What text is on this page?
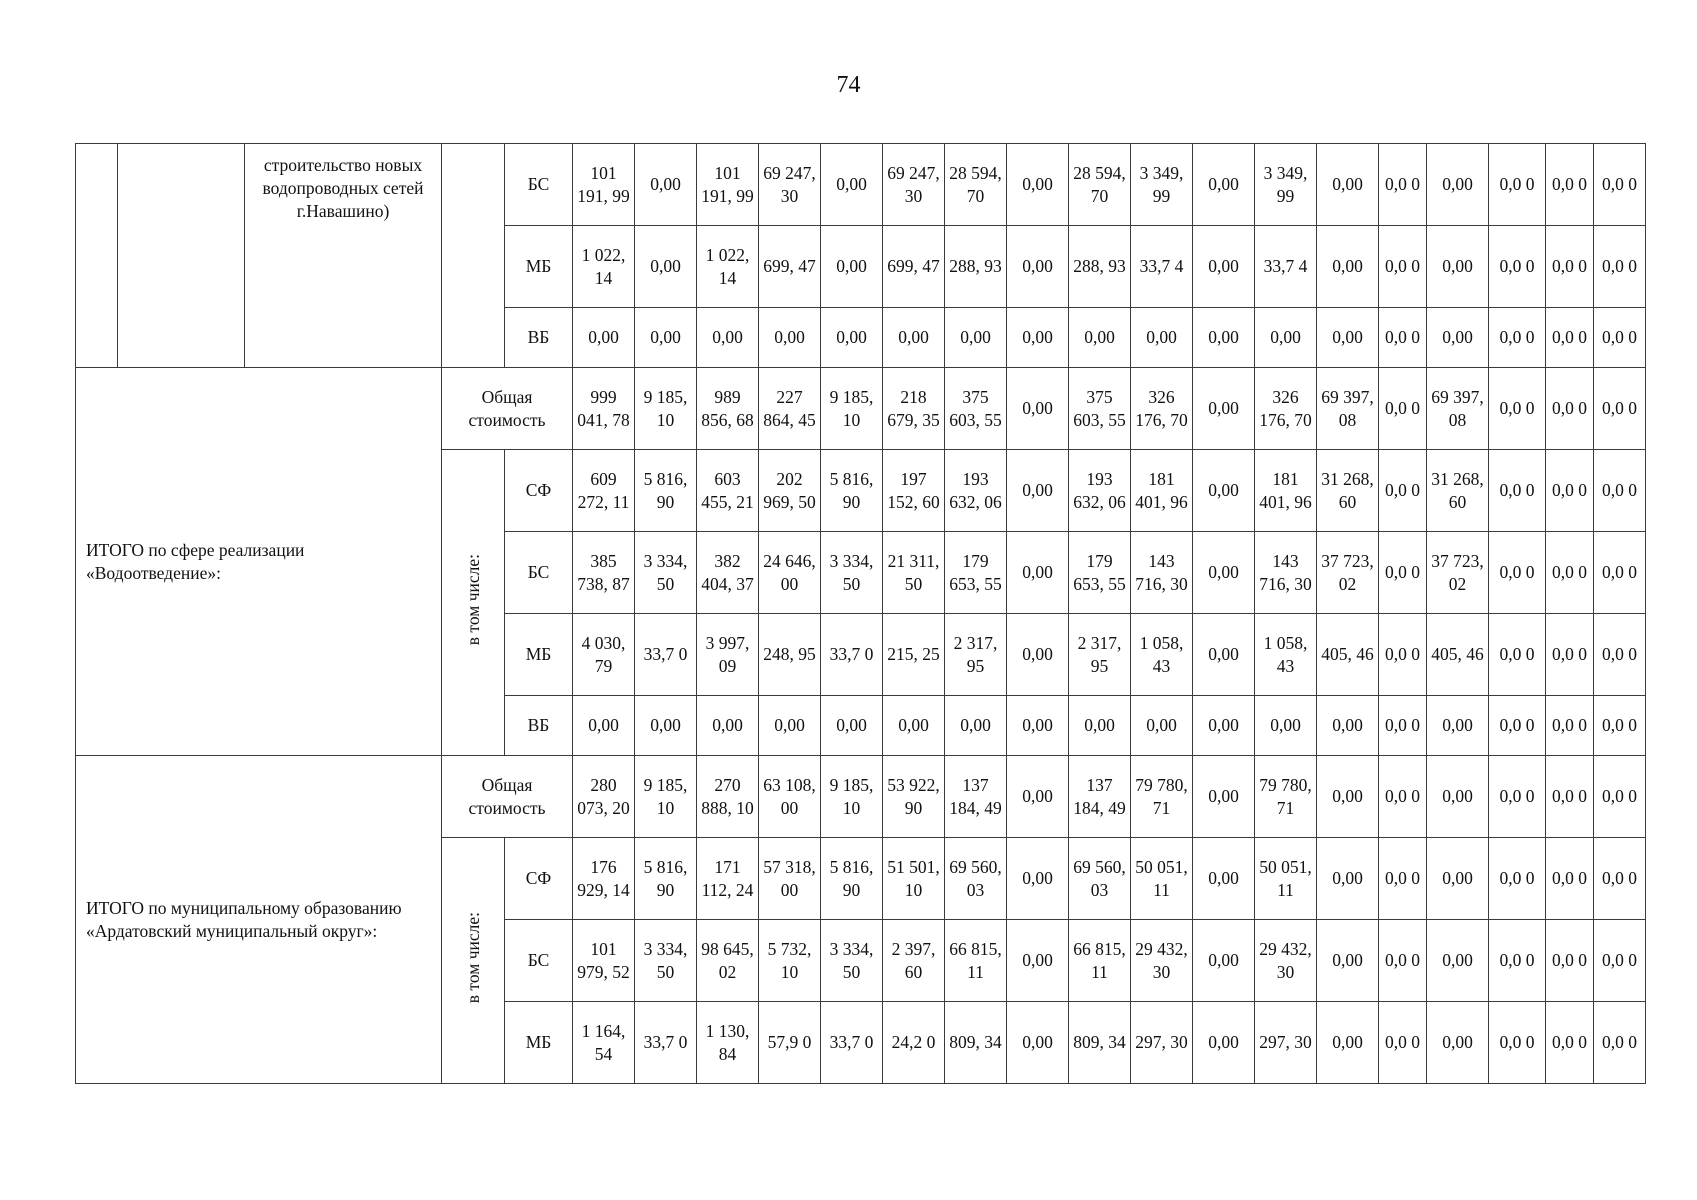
74
		строительство новых водопроводных сетей г.Навашино)		БС	101 191, 99	0,00	101 191, 99	69 247, 30	0,00	69 247, 30	28 594, 70	0,00	28 594, 70	3 349, 99	0,00	3 349, 99	0,00	0,0 0	0,00	0,0 0	0,0 0	0,0 0
				МБ	1 022, 14	0,00	1 022, 14	699, 47	0,00	699, 47	288, 93	0,00	288, 93	33,7 4	0,00	33,7 4	0,00	0,0 0	0,00	0,0 0	0,0 0	0,0 0
				ВБ	0,00	0,00	0,00	0,00	0,00	0,00	0,00	0,00	0,00	0,00	0,00	0,00	0,00	0,0 0	0,00	0,0 0	0,0 0	0,0 0
ИТОГО по сфере реализации «Водоотведение»:			Общая стоимость		999 041, 78	9 185, 10	989 856, 68	227 864, 45	9 185, 10	218 679, 35	375 603, 55	0,00	375 603, 55	326 176, 70	0,00	326 176, 70	69 397, 08	0,0 0	69 397, 08	0,0 0	0,0 0	0,0 0
			в том числе:	СФ	609 272, 11	5 816, 90	603 455, 21	202 969, 50	5 816, 90	197 152, 60	193 632, 06	0,00	193 632, 06	181 401, 96	0,00	181 401, 96	31 268, 60	0,0 0	31 268, 60	0,0 0	0,0 0	0,0 0
				БС	385 738, 87	3 334, 50	382 404, 37	24 646, 00	3 334, 50	21 311, 50	179 653, 55	0,00	179 653, 55	143 716, 30	0,00	143 716, 30	37 723, 02	0,0 0	37 723, 02	0,0 0	0,0 0	0,0 0
				МБ	4 030, 79	33,7 0	3 997, 09	248, 95	33,7 0	215, 25	2 317, 95	0,00	2 317, 95	1 058, 43	0,00	1 058, 43	405, 46	0,0 0	405, 46	0,0 0	0,0 0	0,0 0
				ВБ	0,00	0,00	0,00	0,00	0,00	0,00	0,00	0,00	0,00	0,00	0,00	0,00	0,00	0,0 0	0,00	0,0 0	0,0 0	0,0 0
ИТОГО по муниципальному образованию «Ардатовский муниципальный округ»:			Общая стоимость		280 073, 20	9 185, 10	270 888, 10	63 108, 00	9 185, 10	53 922, 90	137 184, 49	0,00	137 184, 49	79 780, 71	0,00	79 780, 71	0,00	0,0 0	0,00	0,0 0	0,0 0	0,0 0
			в том числе:	СФ	176 929, 14	5 816, 90	171 112, 24	57 318, 00	5 816, 90	51 501, 10	69 560, 03	0,00	69 560, 03	50 051, 11	0,00	50 051, 11	0,00	0,0 0	0,00	0,0 0	0,0 0	0,0 0
				БС	101 979, 52	3 334, 50	98 645, 02	5 732, 10	3 334, 50	2 397, 60	66 815, 11	0,00	66 815, 11	29 432, 30	0,00	29 432, 30	0,00	0,0 0	0,00	0,0 0	0,0 0	0,0 0
				МБ	1 164, 54	33,7 0	1 130, 84	57,9 0	33,7 0	24,2 0	809, 34	0,00	809, 34	297, 30	0,00	297, 30	0,00	0,0 0	0,00	0,0 0	0,0 0	0,0 0
